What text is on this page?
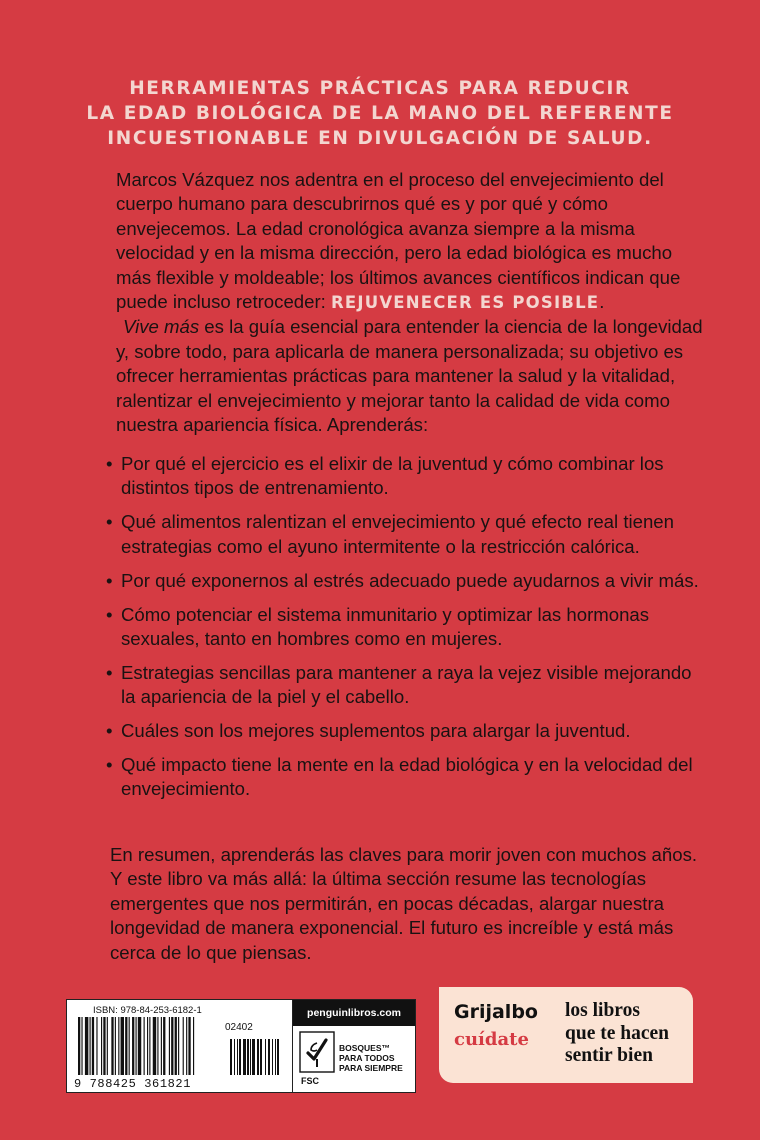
HERRAMIENTAS PRÁCTICAS PARA REDUCIR
LA EDAD BIOLÓGICA DE LA MANO DEL REFERENTE
INCUESTIONABLE EN DIVULGACIÓN DE SALUD.

Marcos Vázquez nos adentra en el proceso del envejecimiento del cuerpo humano para descubrirnos qué es y por qué y cómo envejecemos. La edad cronológica avanza siempre a la misma velocidad y en la misma dirección, pero la edad biológica es mucho más flexible y moldeable; los últimos avances científicos indican que puede incluso retroceder: REJUVENECER ES POSIBLE.

Vive más es la guía esencial para entender la ciencia de la longevidad y, sobre todo, para aplicarla de manera personalizada; su objetivo es ofrecer herramientas prácticas para mantener la salud y la vitalidad, ralentizar el envejecimiento y mejorar tanto la calidad de vida como nuestra apariencia física. Aprenderás:

• Por qué el ejercicio es el elixir de la juventud y cómo combinar los distintos tipos de entrenamiento.
• Qué alimentos ralentizan el envejecimiento y qué efecto real tienen estrategias como el ayuno intermitente o la restricción calórica.
• Por qué exponernos al estrés adecuado puede ayudarnos a vivir más.
• Cómo potenciar el sistema inmunitario y optimizar las hormonas sexuales, tanto en hombres como en mujeres.
• Estrategias sencillas para mantener a raya la vejez visible mejorando la apariencia de la piel y el cabello.
• Cuáles son los mejores suplementos para alargar la juventud.
• Qué impacto tiene la mente en la edad biológica y en la velocidad del envejecimiento.

En resumen, aprenderás las claves para morir joven con muchos años. Y este libro va más allá: la última sección resume las tecnologías emergentes que nos permitirán, en pocas décadas, alargar nuestra longevidad de manera exponencial. El futuro es increíble y está más cerca de lo que piensas.

ISBN: 978-84-253-6182-1
02402
9 788425 361821
penguinlibros.com
BOSQUES™
PARA TODOS
PARA SIEMPRE
FSC
Grijalbo
cuídate
los libros
que te hacen
sentir bien
